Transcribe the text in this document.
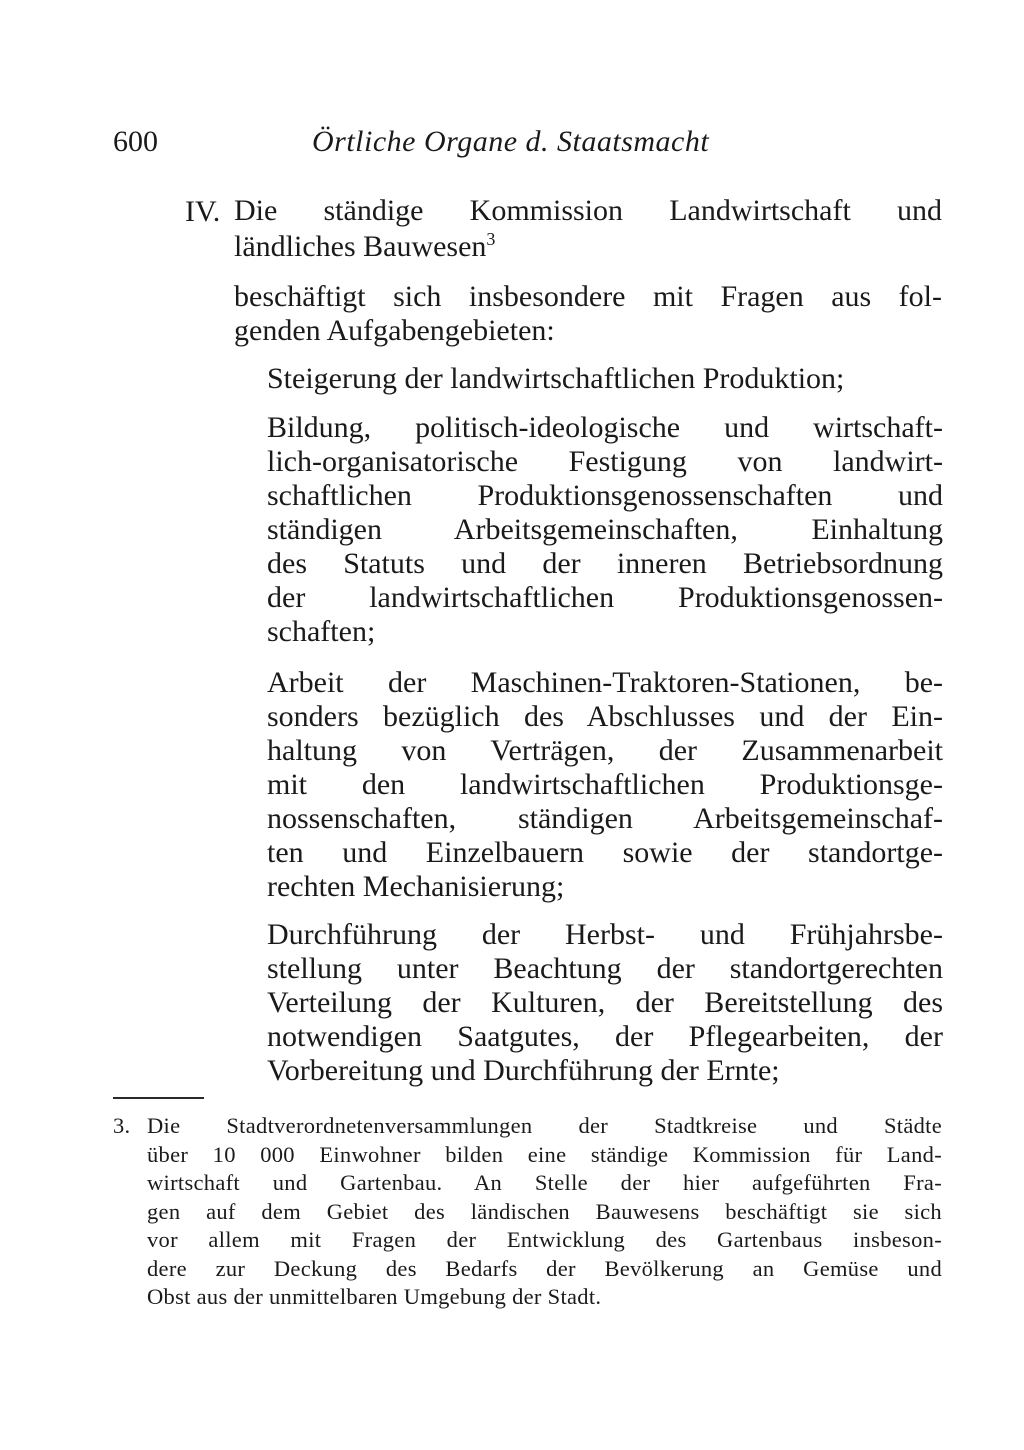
600	Örtliche Organe d. Staatsmacht
IV. Die ständige Kommission Landwirtschaft und
ländliches Bauwesen$^3$
beschäftigt sich insbesondere mit Fragen aus fol-
genden Aufgabengebieten:
Steigerung der landwirtschaftlichen Produktion;
Bildung, politisch-ideologische und wirtschaft-
lich-organisatorische Festigung von landwirt-
schaftlichen Produktionsgenossenschaften und
ständigen Arbeitsgemeinschaften, Einhaltung
des Statuts und der inneren Betriebsordnung
der landwirtschaftlichen Produktionsgenossen-
schaften;
Arbeit der Maschinen-Traktoren-Stationen, be-
sonders bezüglich des Abschlusses und der Ein-
haltung von Verträgen, der Zusammenarbeit
mit den landwirtschaftlichen Produktionsge-
nossenschaften, ständigen Arbeitsgemeinschaf-
ten und Einzelbauern sowie der standortge-
rechten Mechanisierung;
Durchführung der Herbst- und Frühjahrsbe-
stellung unter Beachtung der standortgerechten
Verteilung der Kulturen, der Bereitstellung des
notwendigen Saatgutes, der Pflegearbeiten, der
Vorbereitung und Durchführung der Ernte;
3. Die Stadtverordnetenversammlungen der Stadtkreise und Städte
über 10 000 Einwohner bilden eine ständige Kommission für Land-
wirtschaft und Gartenbau. An Stelle der hier aufgeführten Fra-
gen auf dem Gebiet des ländischen Bauwesens beschäftigt sie sich
vor allem mit Fragen der Entwicklung des Gartenbaus insbeson-
dere zur Deckung des Bedarfs der Bevölkerung an Gemüse und
Obst aus der unmittelbaren Umgebung der Stadt.
